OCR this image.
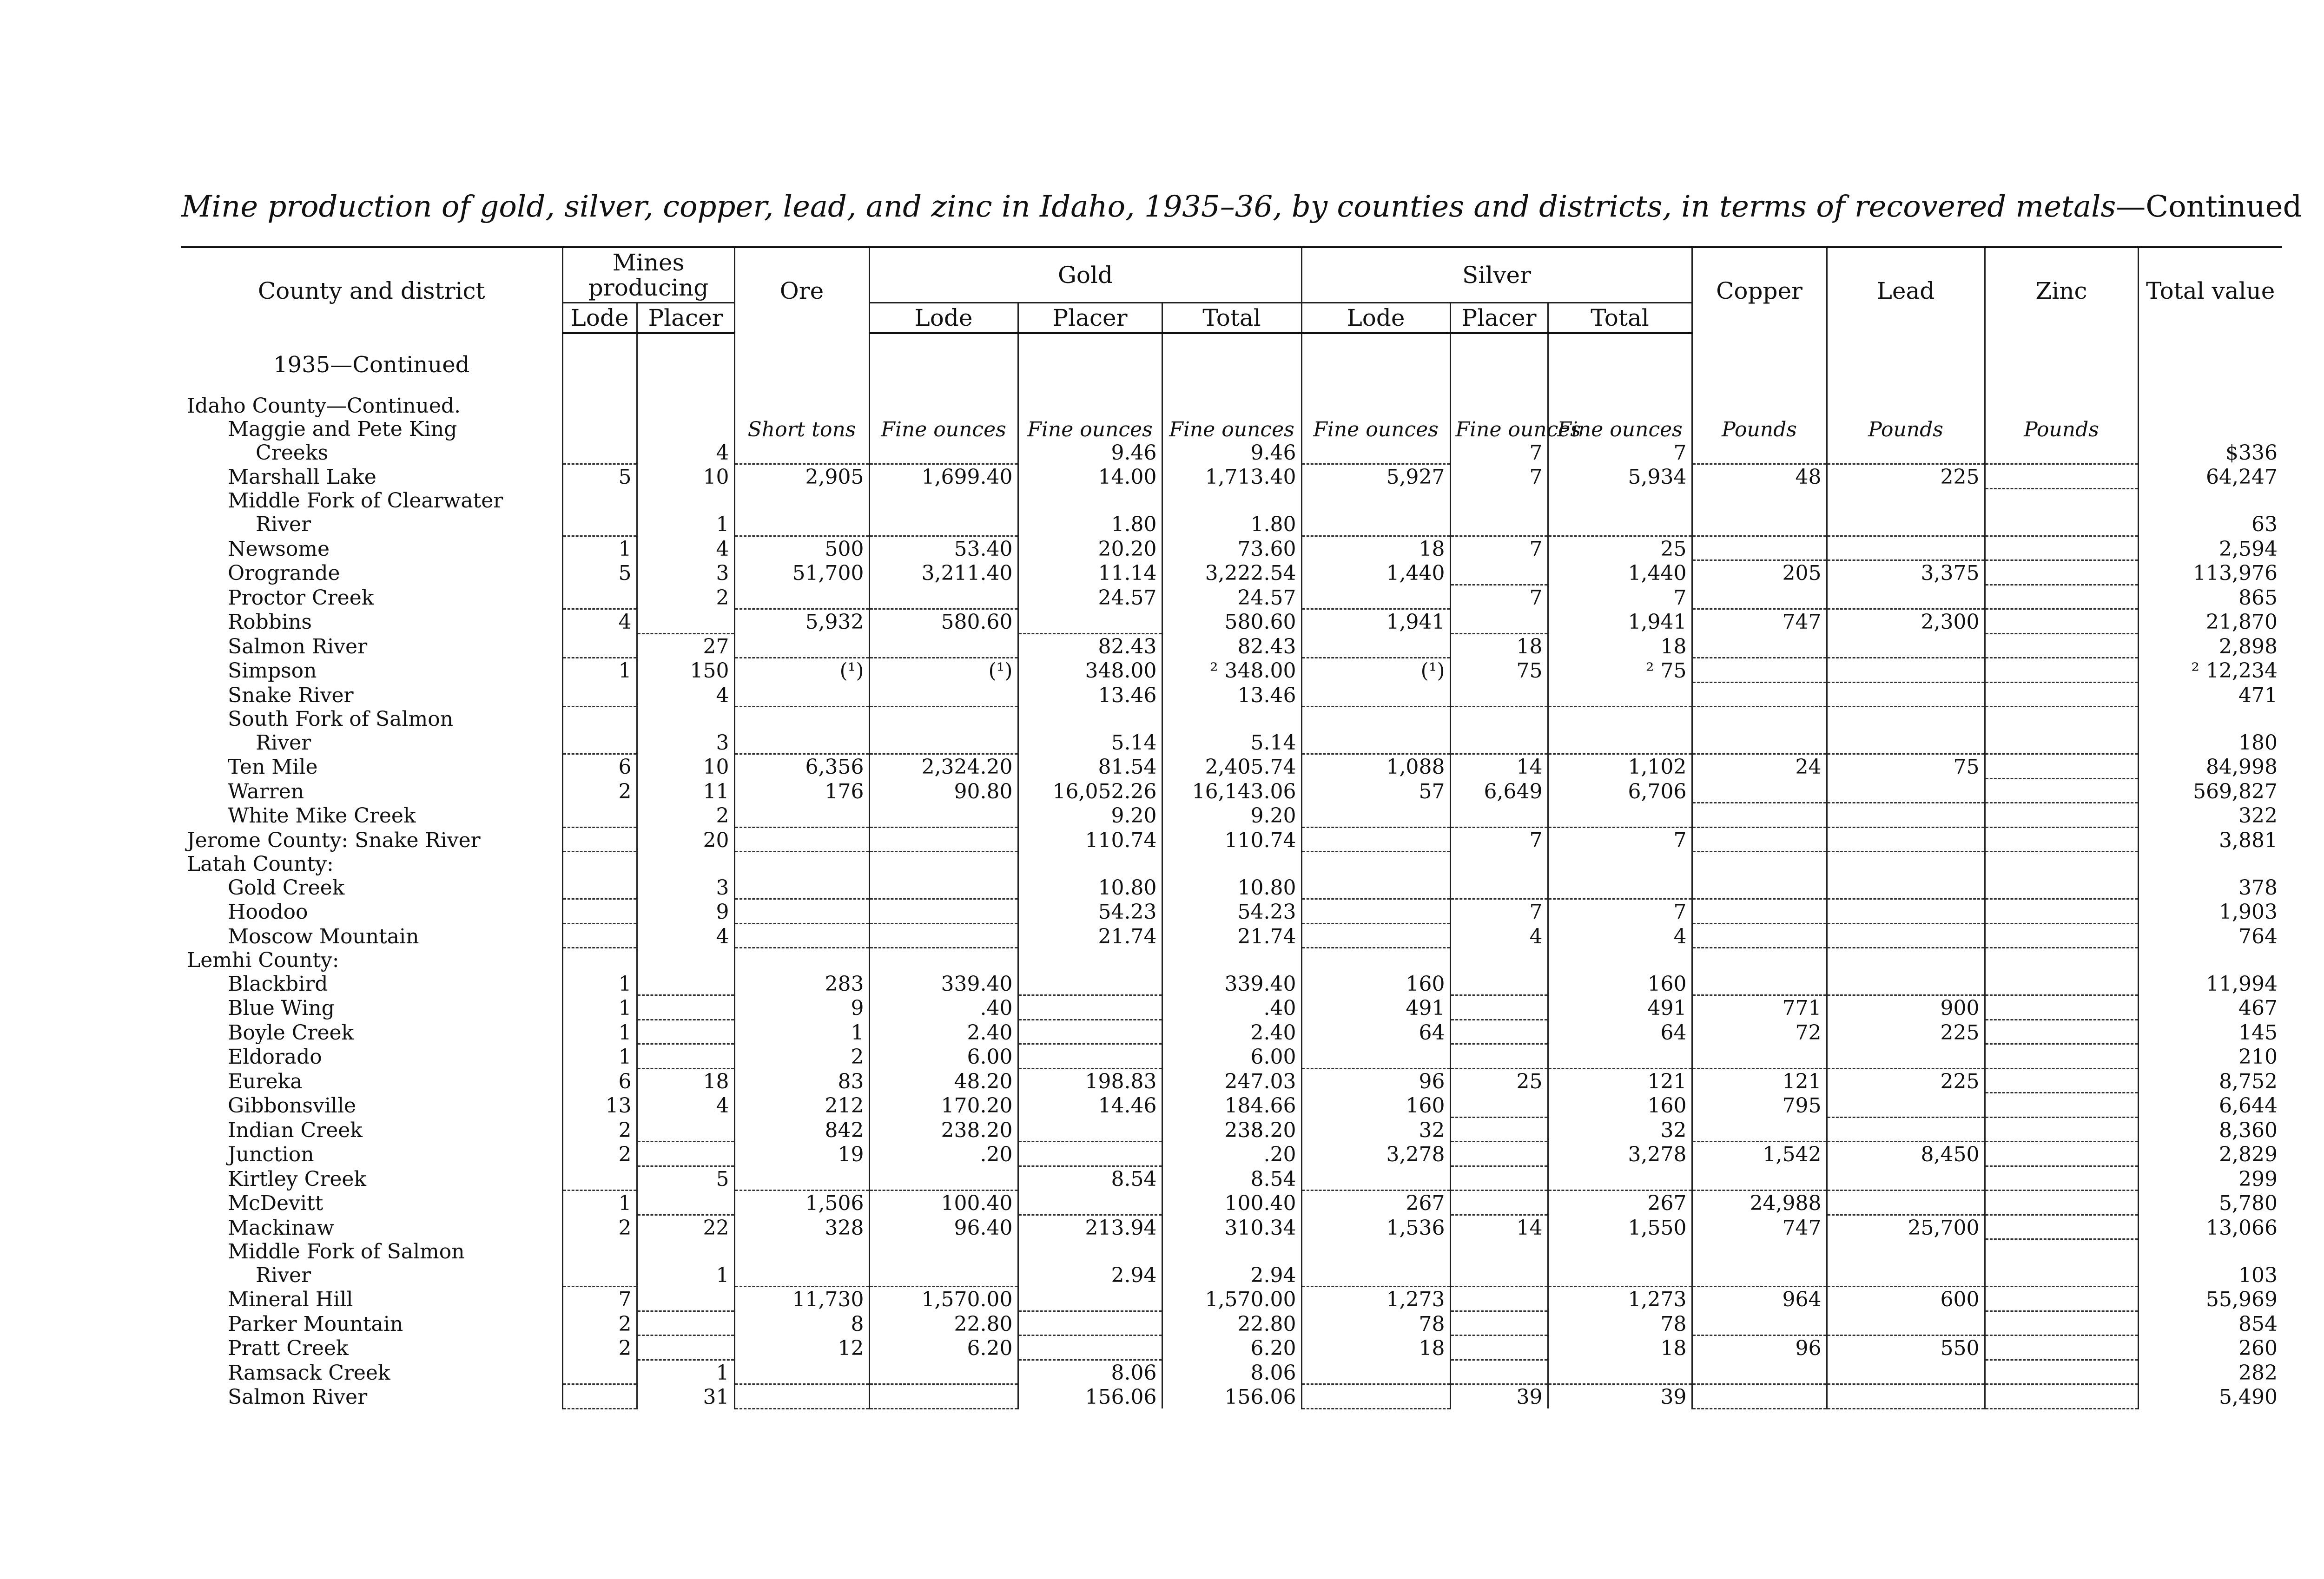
Mine production of gold, silver, copper, lead, and zinc in Idaho, 1935–36, by counties and districts, in terms of recovered metals—Continued
County and district	Mines producing		Ore	Gold			Silver			Copper	Lead	Zinc	Total value
	Lode	Placer		Lode	Placer	Total	Lode	Placer	Total				

1935—Continued													

Idaho County—Continued.													
Maggie and Pete King			Short tons	Fine ounces	Fine ounces	Fine ounces	Fine ounces	Fine ounces	Fine ounces	Pounds	Pounds	Pounds	
Creeks		4			9.46	9.46		7	7				$336
Marshall Lake	5	10	2,905	1,699.40	14.00	1,713.40	5,927	7	5,934	48	225		64,247
Middle Fork of Clearwater													
River		1			1.80	1.80							63
Newsome	1	4	500	53.40	20.20	73.60	18	7	25				2,594
Orogrande	5	3	51,700	3,211.40	11.14	3,222.54	1,440		1,440	205	3,375		113,976
Proctor Creek		2			24.57	24.57		7	7				865
Robbins	4		5,932	580.60		580.60	1,941		1,941	747	2,300		21,870
Salmon River		27			82.43	82.43		18	18				2,898
Simpson	1	150	(¹)	(¹)	348.00	² 348.00	(¹)	75	² 75				² 12,234
Snake River		4			13.46	13.46							471
South Fork of Salmon													
River		3			5.14	5.14							180
Ten Mile	6	10	6,356	2,324.20	81.54	2,405.74	1,088	14	1,102	24	75		84,998
Warren	2	11	176	90.80	16,052.26	16,143.06	57	6,649	6,706				569,827
White Mike Creek		2			9.20	9.20							322
Jerome County: Snake River		20			110.74	110.74		7	7				3,881
Latah County:													
Gold Creek		3			10.80	10.80							378
Hoodoo		9			54.23	54.23		7	7				1,903
Moscow Mountain		4			21.74	21.74		4	4				764
Lemhi County:													
Blackbird	1		283	339.40		339.40	160		160				11,994
Blue Wing	1		9	.40		.40	491		491	771	900		467
Boyle Creek	1		1	2.40		2.40	64		64	72	225		145
Eldorado	1		2	6.00		6.00							210
Eureka	6	18	83	48.20	198.83	247.03	96	25	121	121	225		8,752
Gibbonsville	13	4	212	170.20	14.46	184.66	160		160	795			6,644
Indian Creek	2		842	238.20		238.20	32		32				8,360
Junction	2		19	.20		.20	3,278		3,278	1,542	8,450		2,829
Kirtley Creek		5			8.54	8.54							299
McDevitt	1		1,506	100.40		100.40	267		267	24,988			5,780
Mackinaw	2	22	328	96.40	213.94	310.34	1,536	14	1,550	747	25,700		13,066
Middle Fork of Salmon													
River		1			2.94	2.94							103
Mineral Hill	7		11,730	1,570.00		1,570.00	1,273		1,273	964	600		55,969
Parker Mountain	2		8	22.80		22.80	78		78				854
Pratt Creek	2		12	6.20		6.20	18		18	96	550		260
Ramsack Creek		1			8.06	8.06							282
Salmon River		31			156.06	156.06		39	39				5,490
